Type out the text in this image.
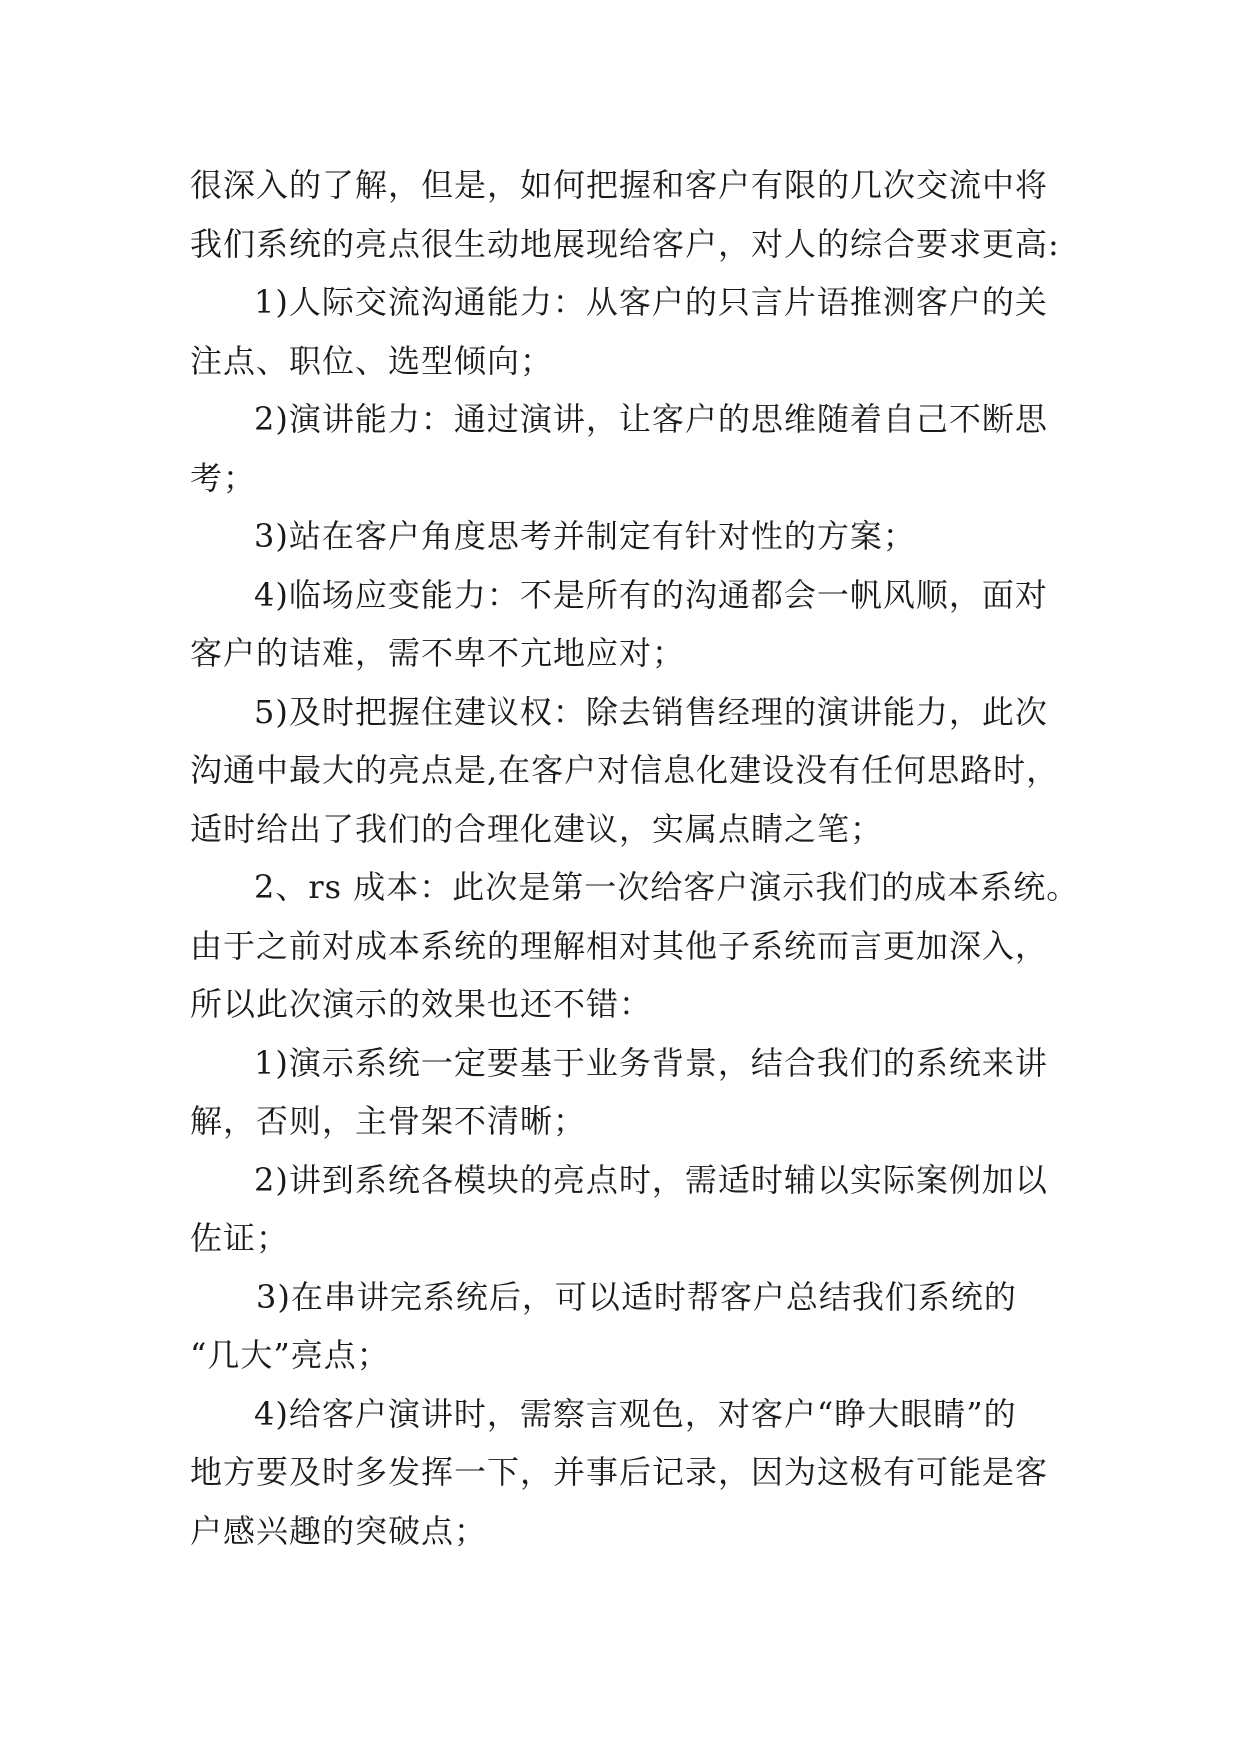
很深入的了解，但是，如何把握和客户有限的几次交流中将
我们系统的亮点很生动地展现给客户，对人的综合要求更高:
1)人际交流沟通能力：从客户的只言片语推测客户的关
注点、职位、选型倾向；
2)演讲能力：通过演讲，让客户的思维随着自己不断思
考；
3)站在客户角度思考并制定有针对性的方案；
4)临场应变能力：不是所有的沟通都会一帆风顺，面对
客户的诘难，需不卑不亢地应对；
5)及时把握住建议权：除去销售经理的演讲能力，此次
沟通中最大的亮点是,在客户对信息化建设没有任何思路时，
适时给出了我们的合理化建议，实属点睛之笔；
2、rs 成本：此次是第一次给客户演示我们的成本系统。
由于之前对成本系统的理解相对其他子系统而言更加深入，
所以此次演示的效果也还不错：
1)演示系统一定要基于业务背景，结合我们的系统来讲
解，否则，主骨架不清晰；
2)讲到系统各模块的亮点时，需适时辅以实际案例加以
佐证；
3)在串讲完系统后，可以适时帮客户总结我们系统的
“几大”亮点；
4)给客户演讲时，需察言观色，对客户“睁大眼睛”的
地方要及时多发挥一下，并事后记录，因为这极有可能是客
户感兴趣的突破点；
